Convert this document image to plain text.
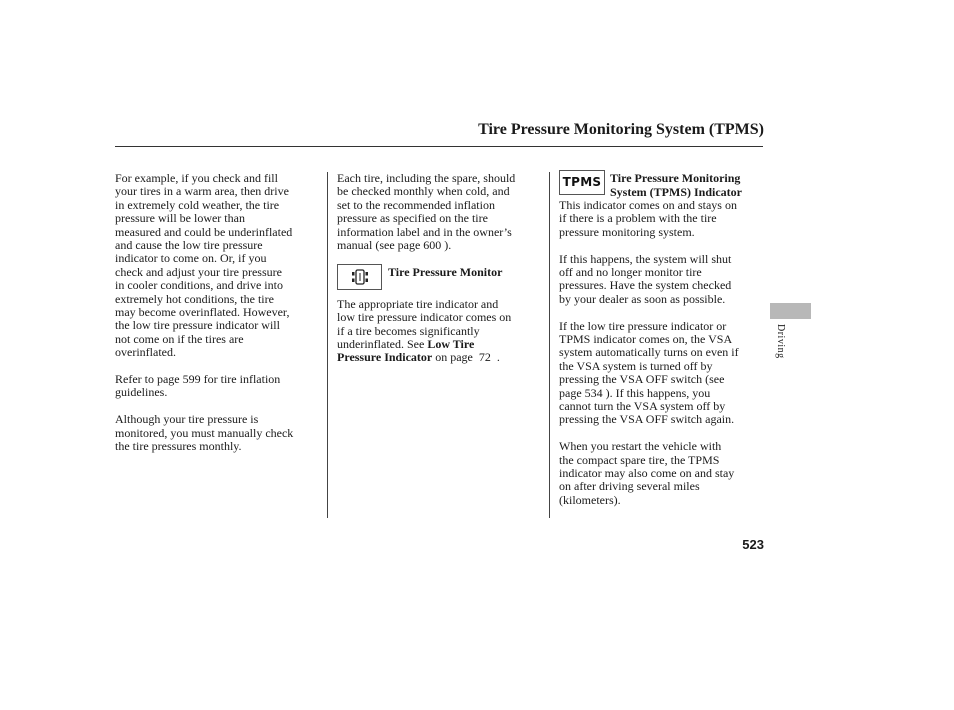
Tire Pressure Monitoring System (TPMS)

For example, if you check and fill
your tires in a warm area, then drive
in extremely cold weather, the tire
pressure will be lower than
measured and could be underinflated
and cause the low tire pressure
indicator to come on. Or, if you
check and adjust your tire pressure
in cooler conditions, and drive into
extremely hot conditions, the tire
may become overinflated. However,
the low tire pressure indicator will
not come on if the tires are
overinflated.

Refer to page 599 for tire inflation
guidelines.

Although your tire pressure is
monitored, you must manually check
the tire pressures monthly.

Each tire, including the spare, should
be checked monthly when cold, and
set to the recommended inflation
pressure as specified on the tire
information label and in the owner’s
manual (see page 600 ).

Tire Pressure Monitor

The appropriate tire indicator and
low tire pressure indicator comes on
if a tire becomes significantly
underinflated. See Low Tire
Pressure Indicator on page  72  .

TPMS Tire Pressure Monitoring
System (TPMS) Indicator

This indicator comes on and stays on
if there is a problem with the tire
pressure monitoring system.

If this happens, the system will shut
off and no longer monitor tire
pressures. Have the system checked
by your dealer as soon as possible.

If the low tire pressure indicator or
TPMS indicator comes on, the VSA
system automatically turns on even if
the VSA system is turned off by
pressing the VSA OFF switch (see
page 534 ). If this happens, you
cannot turn the VSA system off by
pressing the VSA OFF switch again.

When you restart the vehicle with
the compact spare tire, the TPMS
indicator may also come on and stay
on after driving several miles
(kilometers).

Driving
523
